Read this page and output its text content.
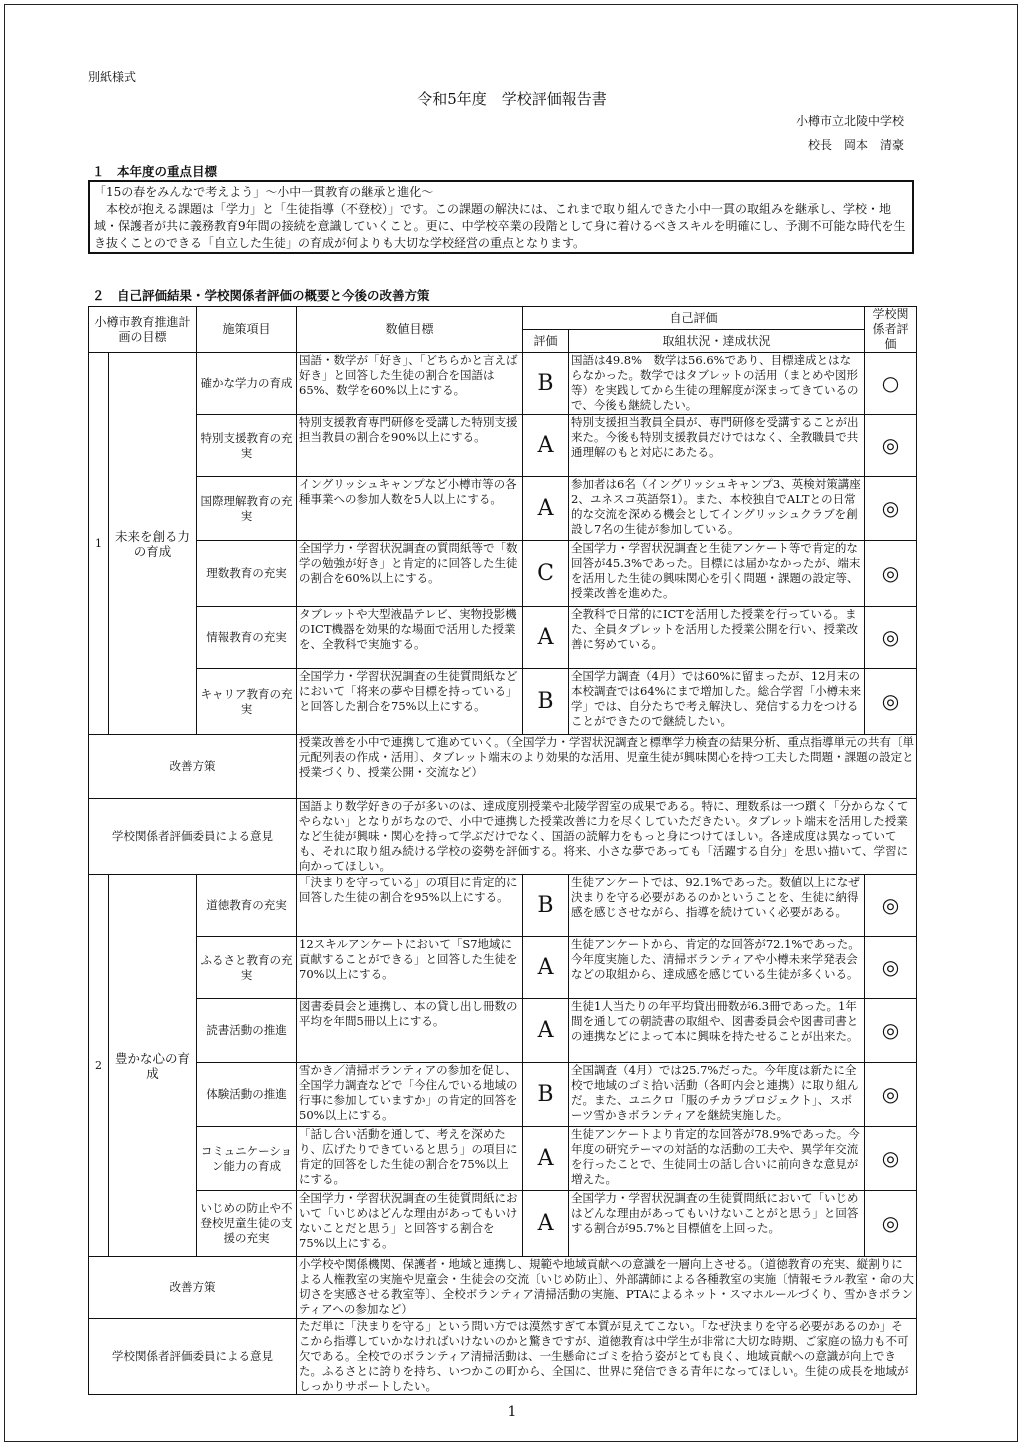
別紙様式
令和5年度　学校評価報告書
小樽市立北陵中学校
校長　岡本　清豪
１　本年度の重点目標
「15の春をみんなで考えよう」～小中一貫教育の継承と進化～
本校が抱える課題は「学力」と「生徒指導（不登校）」です。この課題の解決には、これまで取り組んできた小中一貫の取組みを継承し、学校・地域・保護者が共に義務教育9年間の接続を意識していくこと。更に、中学校卒業の段階として身に着けるべきスキルを明確にし、予測不可能な時代を生き抜くことのできる「自立した生徒」の育成が何よりも大切な学校経営の重点となります。
２　自己評価結果・学校関係者評価の概要と今後の改善方策
小樽市教育推進計画の目標		施策項目	数値目標	自己評価		学校関係者評価
				評価	取組状況・達成状況	
1	未来を創る力の育成	確かな学力の育成	国語・数学が「好き」、「どちらかと言えば好き」と回答した生徒の割合を国語は65%、数学を60%以上にする。	B	国語は49.8%　数学は56.6%であり、目標達成とはならなかった。数学ではタブレットの活用（まとめや図形等）を実践してから生徒の理解度が深まってきているので、今後も継続したい。	○
		特別支援教育の充実	特別支援教育専門研修を受講した特別支援担当教員の割合を90%以上にする。	A	特別支援担当教員全員が、専門研修を受講することが出来た。今後も特別支援教員だけではなく、全教職員で共通理解のもと対応にあたる。	◎
		国際理解教育の充実	イングリッシュキャンプなど小樽市等の各種事業への参加人数を5人以上にする。	A	参加者は6名（イングリッシュキャンプ3、英検対策講座2、ユネスコ英語祭1）。また、本校独自でALTとの日常的な交流を深める機会としてイングリッシュクラブを創設し7名の生徒が参加している。	◎
		理数教育の充実	全国学力・学習状況調査の質問紙等で「数学の勉強が好き」と肯定的に回答した生徒の割合を60%以上にする。	C	全国学力・学習状況調査と生徒アンケート等で肯定的な回答が45.3%であった。目標には届かなかったが、端末を活用した生徒の興味関心を引く問題・課題の設定等、授業改善を進めた。	◎
		情報教育の充実	タブレットや大型液晶テレビ、実物投影機のICT機器を効果的な場面で活用した授業を、全教科で実施する。	A	全教科で日常的にICTを活用した授業を行っている。また、全員タブレットを活用した授業公開を行い、授業改善に努めている。	◎
		キャリア教育の充実	全国学力・学習状況調査の生徒質問紙などにおいて「将来の夢や目標を持っている」と回答した割合を75%以上にする。	B	全国学力調査（4月）では60%に留まったが、12月末の本校調査では64%にまで増加した。総合学習「小樽未来学」では、自分たちで考え解決し、発信する力をつけることができたので継続したい。	◎
改善方策			授業改善を小中で連携して進めていく。（全国学力・学習状況調査と標準学力検査の結果分析、重点指導単元の共有〔単元配列表の作成・活用〕、タブレット端末のより効果的な活用、児童生徒が興味関心を持つ工夫した問題・課題の設定と授業づくり、授業公開・交流など）			
学校関係者評価委員による意見			国語より数学好きの子が多いのは、達成度別授業や北陵学習室の成果である。特に、理数系は一つ躓く「分からなくてやらない」となりがちなので、小中で連携した授業改善に力を尽くしていただきたい。タブレット端末を活用した授業など生徒が興味・関心を持って学ぶだけでなく、国語の読解力をもっと身につけてほしい。各達成度は異なっていても、それに取り組み続ける学校の姿勢を評価する。将来、小さな夢であっても「活躍する自分」を思い描いて、学習に向かってほしい。			
2	豊かな心の育成	道徳教育の充実	「決まりを守っている」の項目に肯定的に回答した生徒の割合を95%以上にする。	B	生徒アンケートでは、92.1%であった。数値以上になぜ決まりを守る必要があるのかということを、生徒に納得感を感じさせながら、指導を続けていく必要がある。	◎
		ふるさと教育の充実	12スキルアンケートにおいて「S7地域に貢献することができる」と回答した生徒を70%以上にする。	A	生徒アンケートから、肯定的な回答が72.1%であった。今年度実施した、清掃ボランティアや小樽未来学発表会などの取組から、達成感を感じている生徒が多くいる。	◎
		読書活動の推進	図書委員会と連携し、本の貸し出し冊数の平均を年間5冊以上にする。	A	生徒1人当たりの年平均貸出冊数が6.3冊であった。1年間を通しての朝読書の取組や、図書委員会や図書司書との連携などによって本に興味を持たせることが出来た。	◎
		体験活動の推進	雪かき／清掃ボランティアの参加を促し、全国学力調査などで「今住んでいる地域の行事に参加していますか」の肯定的回答を50%以上にする。	B	全国調査（4月）では25.7%だった。今年度は新たに全校で地域のゴミ拾い活動（各町内会と連携）に取り組んだ。また、ユニクロ「服のチカラプロジェクト」、スポーツ雪かきボランティアを継続実施した。	◎
		コミュニケーション能力の育成	「話し合い活動を通して、考えを深めたり、広げたりできていると思う」の項目に肯定的回答をした生徒の割合を75%以上にする。	A	生徒アンケートより肯定的な回答が78.9%であった。今年度の研究テーマの対話的な活動の工夫や、異学年交流を行ったことで、生徒同士の話し合いに前向きな意見が増えた。	◎
		いじめの防止や不登校児童生徒の支援の充実	全国学力・学習状況調査の生徒質問紙において「いじめはどんな理由があってもいけないことだと思う」と回答する割合を75%以上にする。	A	全国学力・学習状況調査の生徒質問紙において「いじめはどんな理由があってもいけないことがと思う」と回答する割合が95.7%と目標値を上回った。	◎
改善方策			小学校や関係機関、保護者・地域と連携し、規範や地域貢献への意識を一層向上させる。（道徳教育の充実、縦割りによる人権教室の実施や児童会・生徒会の交流〔いじめ防止〕、外部講師による各種教室の実施〔情報モラル教室・命の大切さを実感させる教室等〕、全校ボランティア清掃活動の実施、PTAによるネット・スマホルールづくり、雪かきボランティアへの参加など）			
学校関係者評価委員による意見			ただ単に「決まりを守る」という問い方では漠然すぎて本質が見えてこない。「なぜ決まりを守る必要があるのか」そこから指導していかなければいけないのかと驚きですが、道徳教育は中学生が非常に大切な時期、ご家庭の協力も不可欠である。全校でのボランティア清掃活動は、一生懸命にゴミを拾う姿がとても良く、地域貢献への意識が向上できた。ふるさとに誇りを持ち、いつかこの町から、全国に、世界に発信できる青年になってほしい。生徒の成長を地域がしっかりサポートしたい。			
1
